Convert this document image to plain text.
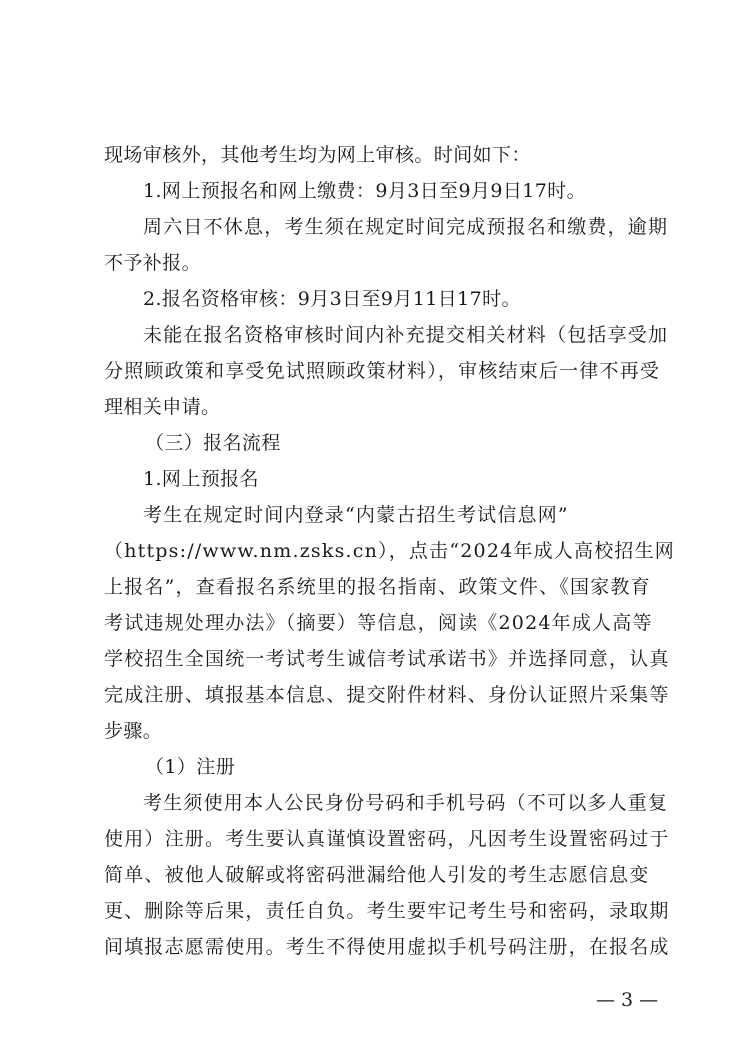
现场审核外，其他考生均为网上审核。时间如下：
1.网上预报名和网上缴费：9月3日至9月9日17时。
周六日不休息，考生须在规定时间完成预报名和缴费，逾期
不予补报。
2.报名资格审核：9月3日至9月11日17时。
未能在报名资格审核时间内补充提交相关材料（包括享受加
分照顾政策和享受免试照顾政策材料），审核结束后一律不再受
理相关申请。
（三）报名流程
1.网上预报名
考生在规定时间内登录“内蒙古招生考试信息网”
（https://www.nm.zsks.cn），点击“2024年成人高校招生网
上报名”，查看报名系统里的报名指南、政策文件、《国家教育
考试违规处理办法》（摘要）等信息，阅读《2024年成人高等
学校招生全国统一考试考生诚信考试承诺书》并选择同意，认真
完成注册、填报基本信息、提交附件材料、身份认证照片采集等
步骤。
（1）注册
考生须使用本人公民身份号码和手机号码（不可以多人重复
使用）注册。考生要认真谨慎设置密码，凡因考生设置密码过于
简单、被他人破解或将密码泄漏给他人引发的考生志愿信息变
更、删除等后果，责任自负。考生要牢记考生号和密码，录取期
间填报志愿需使用。考生不得使用虚拟手机号码注册，在报名成
— 3 —
